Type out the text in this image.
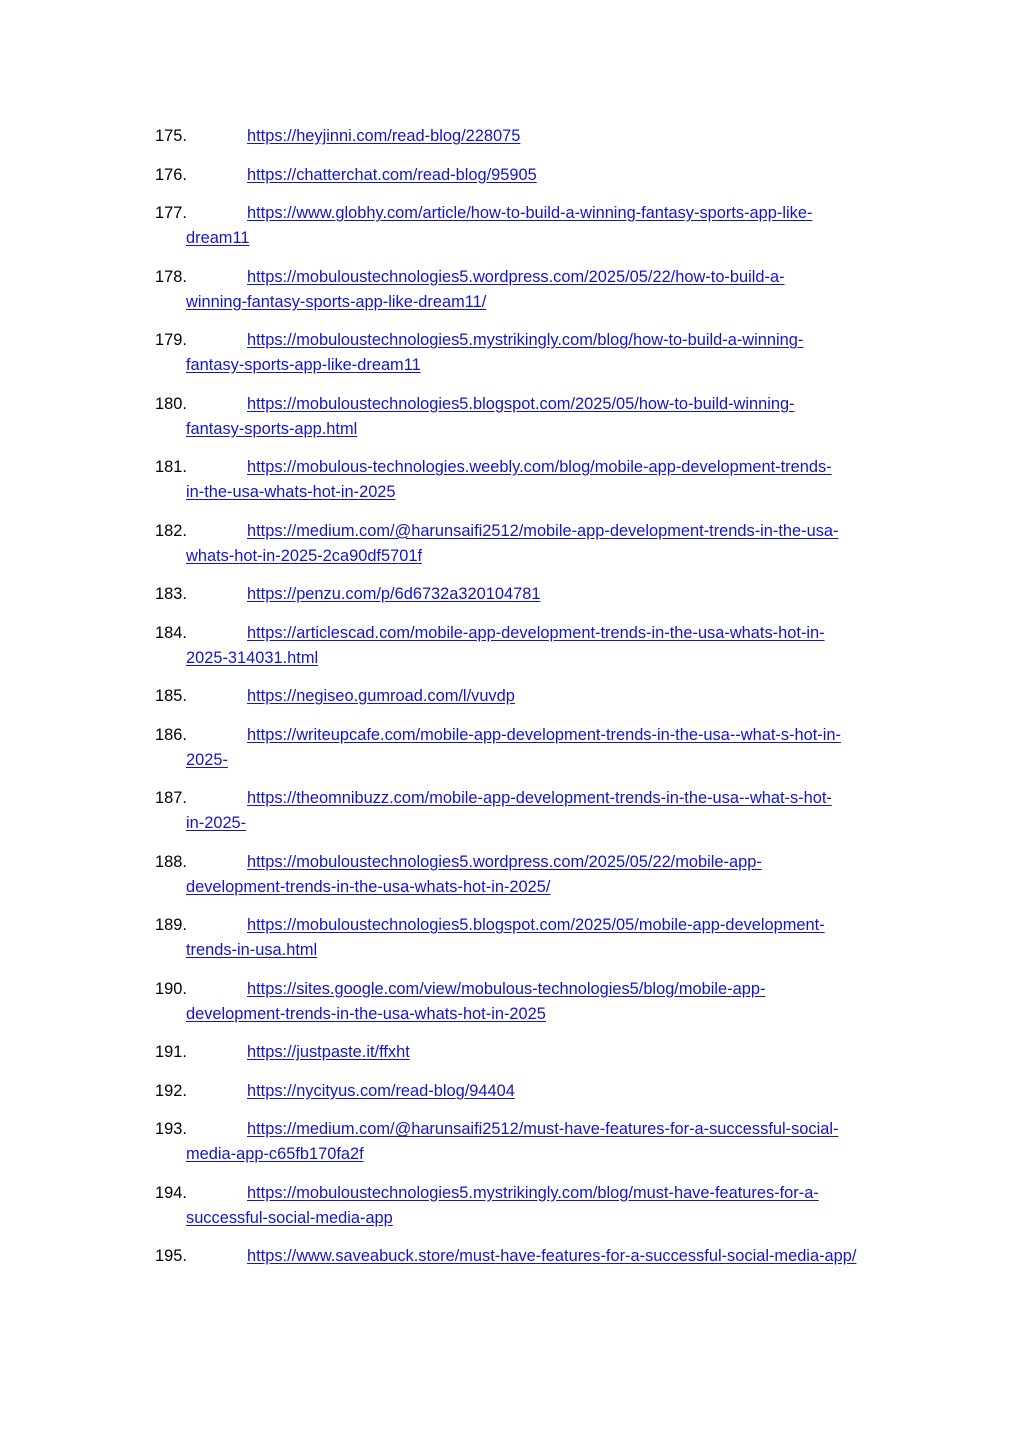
175.	https://heyjinni.com/read-blog/228075
176.	https://chatterchat.com/read-blog/95905
177.	https://www.globhy.com/article/how-to-build-a-winning-fantasy-sports-app-like-
dream11
178.	https://mobuloustechnologies5.wordpress.com/2025/05/22/how-to-build-a-
winning-fantasy-sports-app-like-dream11/
179.	https://mobuloustechnologies5.mystrikingly.com/blog/how-to-build-a-winning-
fantasy-sports-app-like-dream11
180.	https://mobuloustechnologies5.blogspot.com/2025/05/how-to-build-winning-
fantasy-sports-app.html
181.	https://mobulous-technologies.weebly.com/blog/mobile-app-development-trends-
in-the-usa-whats-hot-in-2025
182.	https://medium.com/@harunsaifi2512/mobile-app-development-trends-in-the-usa-
whats-hot-in-2025-2ca90df5701f
183.	https://penzu.com/p/6d6732a320104781
184.	https://articlescad.com/mobile-app-development-trends-in-the-usa-whats-hot-in-
2025-314031.html
185.	https://negiseo.gumroad.com/l/vuvdp
186.	https://writeupcafe.com/mobile-app-development-trends-in-the-usa--what-s-hot-in-
2025-
187.	https://theomnibuzz.com/mobile-app-development-trends-in-the-usa--what-s-hot-
in-2025-
188.	https://mobuloustechnologies5.wordpress.com/2025/05/22/mobile-app-
development-trends-in-the-usa-whats-hot-in-2025/
189.	https://mobuloustechnologies5.blogspot.com/2025/05/mobile-app-development-
trends-in-usa.html
190.	https://sites.google.com/view/mobulous-technologies5/blog/mobile-app-
development-trends-in-the-usa-whats-hot-in-2025
191.	https://justpaste.it/ffxht
192.	https://nycityus.com/read-blog/94404
193.	https://medium.com/@harunsaifi2512/must-have-features-for-a-successful-social-
media-app-c65fb170fa2f
194.	https://mobuloustechnologies5.mystrikingly.com/blog/must-have-features-for-a-
successful-social-media-app
195.	https://www.saveabuck.store/must-have-features-for-a-successful-social-media-app/
